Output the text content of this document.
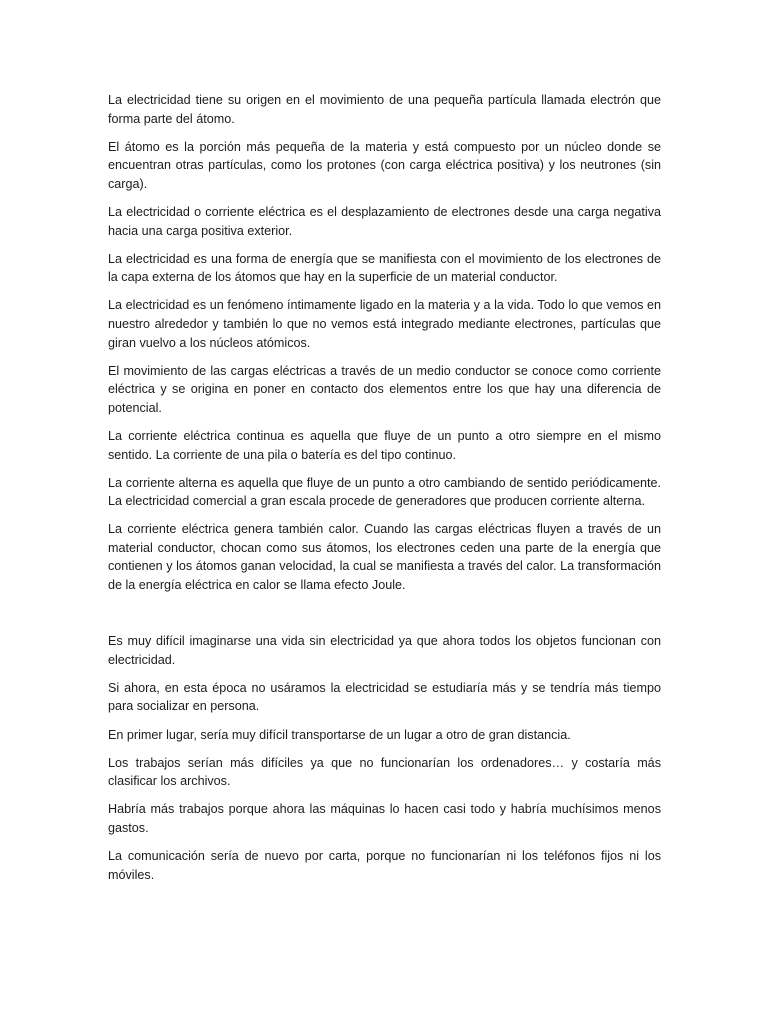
La electricidad tiene su origen en el movimiento de una pequeña partícula llamada electrón que forma parte del átomo.

El átomo es la porción más pequeña de la materia y está compuesto por un núcleo donde se encuentran otras partículas, como los protones (con carga eléctrica positiva) y los neutrones (sin carga).

La electricidad o corriente eléctrica es el desplazamiento de electrones desde una carga negativa hacia una carga positiva exterior.

La electricidad es una forma de energía que se manifiesta con el movimiento de los electrones de la capa externa de los átomos que hay en la superficie de un material conductor.

La electricidad es un fenómeno íntimamente ligado en la materia y a la vida. Todo lo que vemos en nuestro alrededor y también lo que no vemos está integrado mediante electrones, partículas que giran vuelvo a los núcleos atómicos.

El movimiento de las cargas eléctricas a través de un medio conductor se conoce como corriente eléctrica y se origina en poner en contacto dos elementos entre los que hay una diferencia de potencial.

La corriente eléctrica continua es aquella que fluye de un punto a otro siempre en el mismo sentido. La corriente de una pila o batería es del tipo continuo.

La corriente alterna es aquella que fluye de un punto a otro cambiando de sentido periódicamente. La electricidad comercial a gran escala procede de generadores que producen corriente alterna.

La corriente eléctrica genera también calor. Cuando las cargas eléctricas fluyen a través de un material conductor, chocan como sus átomos, los electrones ceden una parte de la energía que contienen y los átomos ganan velocidad, la cual se manifiesta a través del calor. La transformación de la energía eléctrica en calor se llama efecto Joule.

Es muy difícil imaginarse una vida sin electricidad ya que ahora todos los objetos funcionan con electricidad.

Si ahora, en esta época no usáramos la electricidad se estudiaría más y se tendría más tiempo para socializar en persona.

En primer lugar, sería muy difícil transportarse de un lugar a otro de gran distancia.

Los trabajos serían más difíciles ya que no funcionarían los ordenadores… y costaría más clasificar los archivos.

Habría más trabajos porque ahora las máquinas lo hacen casi todo y habría muchísimos menos gastos.

La comunicación sería de nuevo por carta, porque no funcionarían ni los teléfonos fijos ni los móviles.
